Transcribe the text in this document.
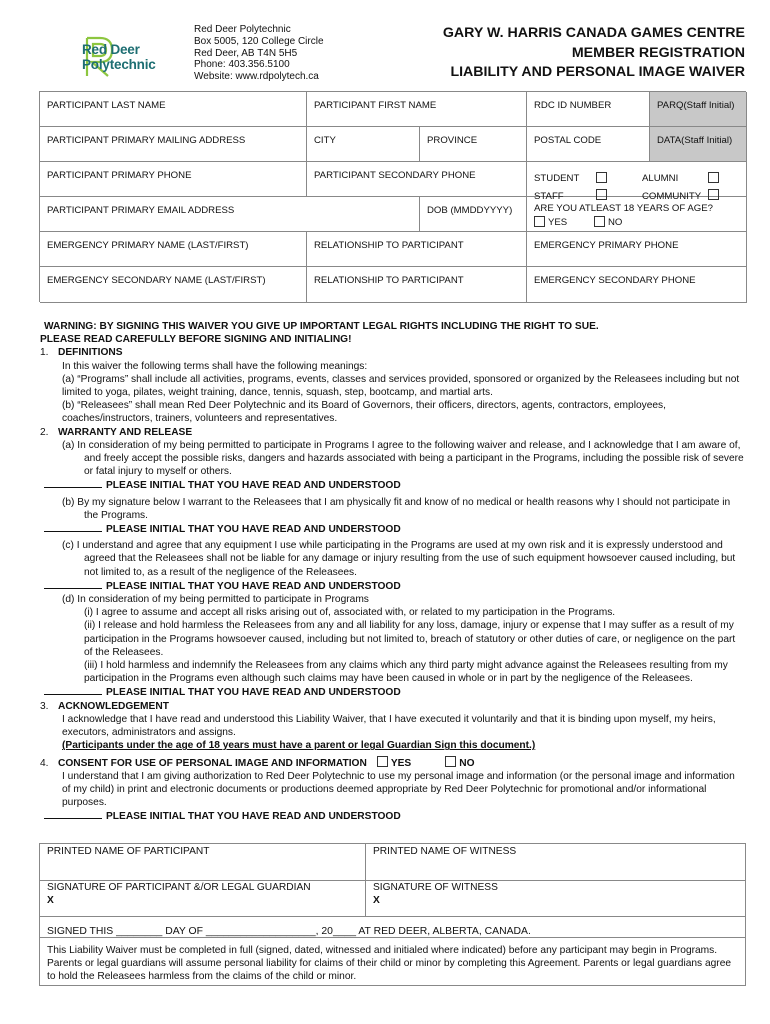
Red Deer
Polytechnic
Red Deer Polytechnic
Box 5005, 120 College Circle
Red Deer, AB T4N 5H5
Phone: 403.356.5100
Website: www.rdpolytech.ca
GARY W. HARRIS CANADA GAMES CENTRE
MEMBER REGISTRATION
LIABILITY AND PERSONAL IMAGE WAIVER
PARTICIPANT LAST NAME	PARTICIPANT FIRST NAME	RDC ID NUMBER	PARQ(Staff Initial)
PARTICIPANT PRIMARY MAILING ADDRESS	CITY	PROVINCE	POSTAL CODE	DATA(Staff Initial)
PARTICIPANT PRIMARY PHONE	PARTICIPANT SECONDARY PHONE	STUDENT	ALUMNI
STAFF	COMMUNITY
PARTICIPANT PRIMARY EMAIL ADDRESS	DOB (MMDDYYYY)	ARE YOU ATLEAST 18 YEARS OF AGE?
YES	NO
EMERGENCY PRIMARY NAME (LAST/FIRST)	RELATIONSHIP TO PARTICIPANT	EMERGENCY PRIMARY PHONE
EMERGENCY SECONDARY NAME (LAST/FIRST)	RELATIONSHIP TO PARTICIPANT	EMERGENCY SECONDARY PHONE
WARNING: BY SIGNING THIS WAIVER YOU GIVE UP IMPORTANT LEGAL RIGHTS INCLUDING THE RIGHT TO SUE.
PLEASE READ CAREFULLY BEFORE SIGNING AND INITIALING!
1. DEFINITIONS
In this waiver the following terms shall have the following meanings:
(a) “Programs” shall include all activities, programs, events, classes and services provided, sponsored or organized by the Releasees including but not limited to yoga, pilates, weight training, dance, tennis, squash, step, bootcamp, and martial arts.
(b) “Releasees” shall mean Red Deer Polytechnic and its Board of Governors, their officers, directors, agents, contractors, employees, coaches/instructors, trainers, volunteers and representatives.
2. WARRANTY AND RELEASE
(a) In consideration of my being permitted to participate in Programs I agree to the following waiver and release, and I acknowledge that I am aware of, and freely accept the possible risks, dangers and hazards associated with being a participant in the Programs, including the possible risk of severe or fatal injury to myself or others.
PLEASE INITIAL THAT YOU HAVE READ AND UNDERSTOOD
(b) By my signature below I warrant to the Releasees that I am physically fit and know of no medical or health reasons why I should not participate in the Programs.
PLEASE INITIAL THAT YOU HAVE READ AND UNDERSTOOD
(c) I understand and agree that any equipment I use while participating in the Programs are used at my own risk and it is expressly understood and agreed that the Releasees shall not be liable for any damage or injury resulting from the use of such equipment howsoever caused including, but not limited to, as a result of the negligence of the Releasees.
PLEASE INITIAL THAT YOU HAVE READ AND UNDERSTOOD
(d) In consideration of my being permitted to participate in Programs
(i) I agree to assume and accept all risks arising out of, associated with, or related to my participation in the Programs.
(ii) I release and hold harmless the Releasees from any and all liability for any loss, damage, injury or expense that I may suffer as a result of my participation in the Programs howsoever caused, including but not limited to, breach of statutory or other duties of care, or negligence on the part of the Releasees.
(iii) I hold harmless and indemnify the Releasees from any claims which any third party might advance against the Releasees resulting from my participation in the Programs even although such claims may have been caused in whole or in part by the negligence of the Releasees.
PLEASE INITIAL THAT YOU HAVE READ AND UNDERSTOOD
3. ACKNOWLEDGEMENT
I acknowledge that I have read and understood this Liability Waiver, that I have executed it voluntarily and that it is binding upon myself, my heirs, executors, administrators and assigns.
(Participants under the age of 18 years must have a parent or legal Guardian Sign this document.)
4. CONSENT FOR USE OF PERSONAL IMAGE AND INFORMATION YES	NO
I understand that I am giving authorization to Red Deer Polytechnic to use my personal image and information (or the personal image and information of my child) in print and electronic documents or productions deemed appropriate by Red Deer Polytechnic for promotional and/or informational purposes.
PLEASE INITIAL THAT YOU HAVE READ AND UNDERSTOOD
PRINTED NAME OF PARTICIPANT	PRINTED NAME OF WITNESS
SIGNATURE OF PARTICIPANT &/OR LEGAL GUARDIAN
X
SIGNATURE OF WITNESS
X
SIGNED THIS ________ DAY OF ___________________, 20____ AT RED DEER, ALBERTA, CANADA.
This Liability Waiver must be completed in full (signed, dated, witnessed and initialed where indicated) before any participant may begin in Programs. Parents or legal guardians will assume personal liability for claims of their child or minor by completing this Agreement. Parents or legal guardians agree to hold the Releasees harmless from the claims of the child or minor.
